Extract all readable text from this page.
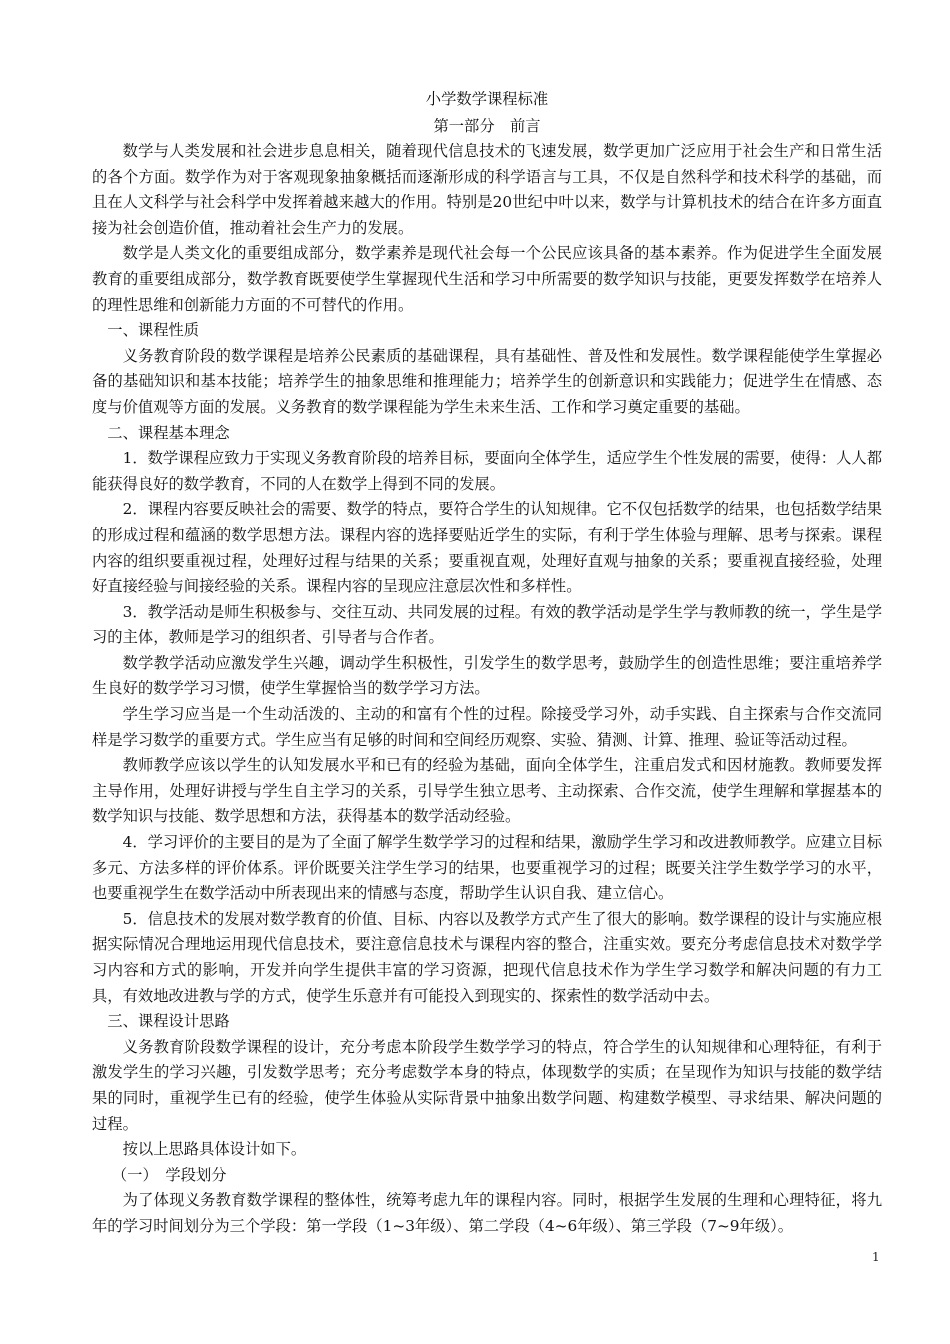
小学数学课程标准

第一部分　前言

数学与人类发展和社会进步息息相关，随着现代信息技术的飞速发展，数学更加广泛应用于社会生产和日常生活的各个方面。数学作为对于客观现象抽象概括而逐渐形成的科学语言与工具，不仅是自然科学和技术科学的基础，而且在人文科学与社会科学中发挥着越来越大的作用。特别是20世纪中叶以来，数学与计算机技术的结合在许多方面直接为社会创造价值，推动着社会生产力的发展。

数学是人类文化的重要组成部分，数学素养是现代社会每一个公民应该具备的基本素养。作为促进学生全面发展教育的重要组成部分，数学教育既要使学生掌握现代生活和学习中所需要的数学知识与技能，更要发挥数学在培养人的理性思维和创新能力方面的不可替代的作用。

一、课程性质

义务教育阶段的数学课程是培养公民素质的基础课程，具有基础性、普及性和发展性。数学课程能使学生掌握必备的基础知识和基本技能；培养学生的抽象思维和推理能力；培养学生的创新意识和实践能力；促进学生在情感、态度与价值观等方面的发展。义务教育的数学课程能为学生未来生活、工作和学习奠定重要的基础。

二、课程基本理念

1．数学课程应致力于实现义务教育阶段的培养目标，要面向全体学生，适应学生个性发展的需要，使得：人人都能获得良好的数学教育，不同的人在数学上得到不同的发展。

2．课程内容要反映社会的需要、数学的特点，要符合学生的认知规律。它不仅包括数学的结果，也包括数学结果的形成过程和蕴涵的数学思想方法。课程内容的选择要贴近学生的实际，有利于学生体验与理解、思考与探索。课程内容的组织要重视过程，处理好过程与结果的关系；要重视直观，处理好直观与抽象的关系；要重视直接经验，处理好直接经验与间接经验的关系。课程内容的呈现应注意层次性和多样性。

3．教学活动是师生积极参与、交往互动、共同发展的过程。有效的教学活动是学生学与教师教的统一，学生是学习的主体，教师是学习的组织者、引导者与合作者。

数学教学活动应激发学生兴趣，调动学生积极性，引发学生的数学思考，鼓励学生的创造性思维；要注重培养学生良好的数学学习习惯，使学生掌握恰当的数学学习方法。

学生学习应当是一个生动活泼的、主动的和富有个性的过程。除接受学习外，动手实践、自主探索与合作交流同样是学习数学的重要方式。学生应当有足够的时间和空间经历观察、实验、猜测、计算、推理、验证等活动过程。

教师教学应该以学生的认知发展水平和已有的经验为基础，面向全体学生，注重启发式和因材施教。教师要发挥主导作用，处理好讲授与学生自主学习的关系，引导学生独立思考、主动探索、合作交流，使学生理解和掌握基本的数学知识与技能、数学思想和方法，获得基本的数学活动经验。

4．学习评价的主要目的是为了全面了解学生数学学习的过程和结果，激励学生学习和改进教师教学。应建立目标多元、方法多样的评价体系。评价既要关注学生学习的结果，也要重视学习的过程；既要关注学生数学学习的水平，也要重视学生在数学活动中所表现出来的情感与态度，帮助学生认识自我、建立信心。

5．信息技术的发展对数学教育的价值、目标、内容以及教学方式产生了很大的影响。数学课程的设计与实施应根据实际情况合理地运用现代信息技术，要注意信息技术与课程内容的整合，注重实效。要充分考虑信息技术对数学学习内容和方式的影响，开发并向学生提供丰富的学习资源，把现代信息技术作为学生学习数学和解决问题的有力工具，有效地改进教与学的方式，使学生乐意并有可能投入到现实的、探索性的数学活动中去。

三、课程设计思路

义务教育阶段数学课程的设计，充分考虑本阶段学生数学学习的特点，符合学生的认知规律和心理特征，有利于激发学生的学习兴趣，引发数学思考；充分考虑数学本身的特点，体现数学的实质；在呈现作为知识与技能的数学结果的同时，重视学生已有的经验，使学生体验从实际背景中抽象出数学问题、构建数学模型、寻求结果、解决问题的过程。

按以上思路具体设计如下。

（一）　学段划分

为了体现义务教育数学课程的整体性，统筹考虑九年的课程内容。同时，根据学生发展的生理和心理特征，将九年的学习时间划分为三个学段：第一学段（1~3年级）、第二学段（4~6年级）、第三学段（7~9年级）。

1
